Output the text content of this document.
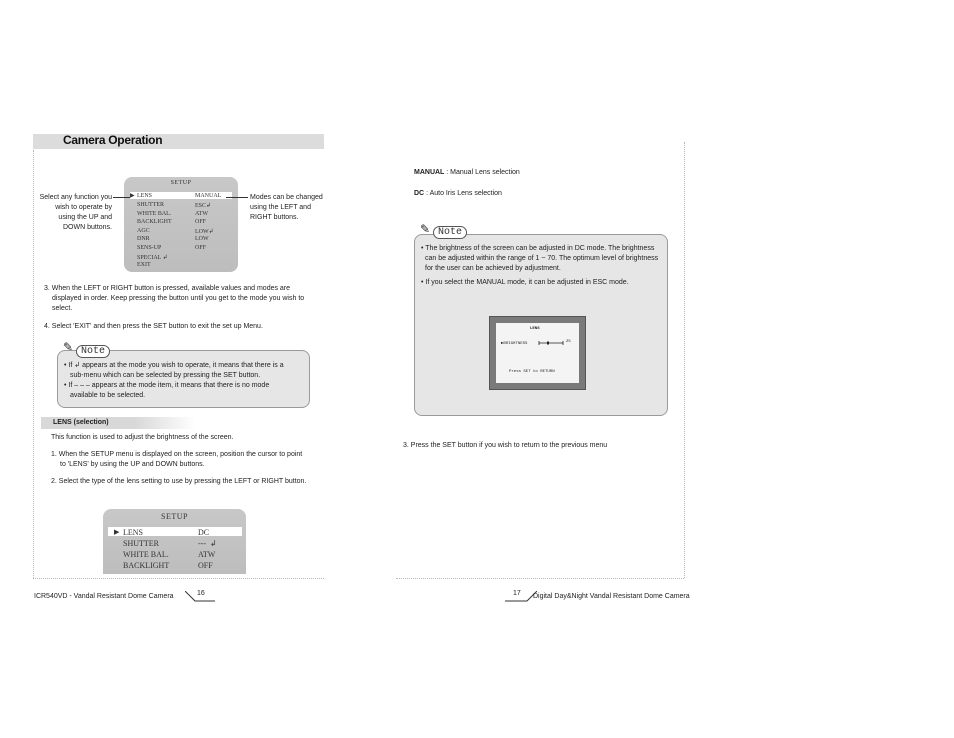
Camera Operation
SETUP
▶ LENS	MANUAL
SHUTTER	ESC↲
WHITE BAL.	ATW
BACKLIGHT	OFF
AGC	LOW↲
DNR	LOW
SENS-UP	OFF
SPECIAL ↲
EXIT
Select any function you
wish to operate by
using the UP and
DOWN buttons.
Modes can be changed
using the LEFT and
RIGHT buttons.
3. When the LEFT or RIGHT button is pressed, available values and modes are
displayed in order. Keep pressing the button until you get to the mode you wish to
select.
4. Select 'EXIT' and then press the SET button to exit the set up Menu.
• If ↲ appears at the mode you wish to operate, it means that there is a
sub-menu which can be selected by pressing the SET button.
• If – – – appears at the mode item, it means that there is no mode
available to be selected.
✎ Note
LENS (selection)
This function is used to adjust the brightness of the screen.
1. When the SETUP menu is displayed on the screen, position the cursor to point
to 'LENS' by using the UP and DOWN buttons.
2. Select the type of the lens setting to use by pressing the LEFT or RIGHT button.
SETUP
▶ LENS	DC
SHUTTER	--- ↲
WHITE BAL.	ATW
BACKLIGHT	OFF
ICR540VD - Vandal Resistant Dome Camera	16
MANUAL : Manual Lens selection
DC : Auto Iris Lens selection
• The brightness of the screen can be adjusted in DC mode. The brightness
can be adjusted within the range of 1 ~ 70. The optimum level of brightness
for the user can be achieved by adjustment.
• If you select the MANUAL mode, it can be adjusted in ESC mode.
✎ Note
LENS
▶BRIGHTNESS	25
Press SET to RETURN
3. Press the SET button if you wish to return to the previous menu
17 Digital Day&Night Vandal Resistant Dome Camera
